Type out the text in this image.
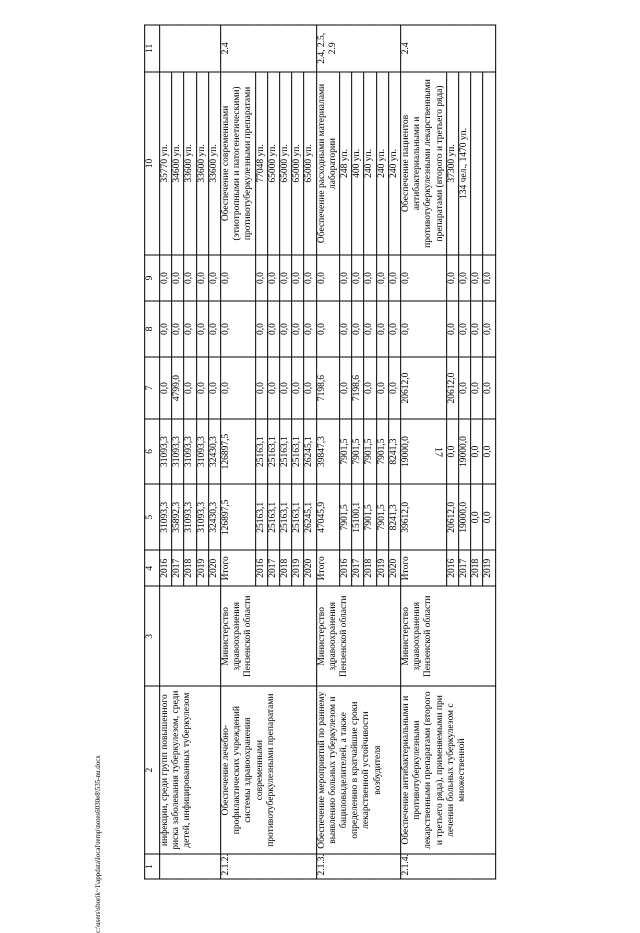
17
1	2	3	4	5	6	7	8	9	10	11
	инфекции, среди групп повышенного риска заболевания туберкулезом, среди детей, инфицированных туберкулезом		2016	31093,3	31093,3	0,0	0,0	0,0	35770 уп.	
			2017	35892,3	31093,3	4799,0	0,0	0,0	34600 уп.	
			2018	31093,3	31093,3	0,0	0,0	0,0	33600 уп.	
			2019	31093,3	31093,3	0,0	0,0	0,0	33600 уп.	
			2020	32430,3	32430,3	0,0	0,0	0,0	33600 уп.	
2.1.2.	Обеспечение лечебно-профилактических учреждений системы здравоохранения современными противотуберкулезными препаратами	Министерство здравоохранения Пензенской области	Итого	126897,5	126897,5	0,0	0,0	0,0	Обеспечение современными (этиотропными и патогенетическими) противотуберкулезными препаратами	2.4
			2016	25163,1	25163,1	0,0	0,0	0,0	77048 уп.	
			2017	25163,1	25163,1	0,0	0,0	0,0	65000 уп.	
			2018	25163,1	25163,1	0,0	0,0	0,0	65000 уп.	
			2019	25163,1	25163,1	0,0	0,0	0,0	65000 уп.	
			2020	26245,1	26245,1	0,0	0,0	0,0	65000 уп.	
2.1.3.	Обеспечение мероприятий по раннему выявлению больных туберкулезом и бациловыделителей, а также определению в кратчайшие сроки лекарственной устойчивости возбудителя	Министерство здравоохранения Пензенской области	Итого	47045,9	39847,3	7198,6	0,0	0,0	Обеспечение расходными материалами лаборатории	2.4, 2.5, 2.9
			2016	7901,5	7901,5	0,0	0,0	0,0	248 уп.	
			2017	15100,1	7901,5	7198,6	0,0	0,0	400 уп.	
			2018	7901,5	7901,5	0,0	0,0	0,0	240 уп.	
			2019	7901,5	7901,5	0,0	0,0	0,0	240 уп.	
			2020	8241,3	8241,3	0,0	0,0	0,0	240 уп.	
2.1.4.	Обеспечение антибактериальными и противотуберкулезными лекарственными препаратами (второго и третьего ряда), применяемыми при лечении больных туберкулезом с множественной	Министерство здравоохранения Пензенской области	Итого	39612,0	19000,0	20612,0	0,0	0,0	Обеспечение пациентов антибактериальными и противотуберкулезными лекарственными препаратами (второго и третьего ряда)	2.4
			2016	20612,0	0,0	20612,0	0,0	0,0	37300 уп.	
			2017	19000,0	19000,0	0,0	0,0	0,0	134 чел., 1470 уп.	
			2018	0,0	0,0	0,0	0,0	0,0		
			2019	0,0	0,0	0,0	0,0	0,0		
c:\users\sborik~1\appdata\local\temp\notes6030e8\535-nu.docx
